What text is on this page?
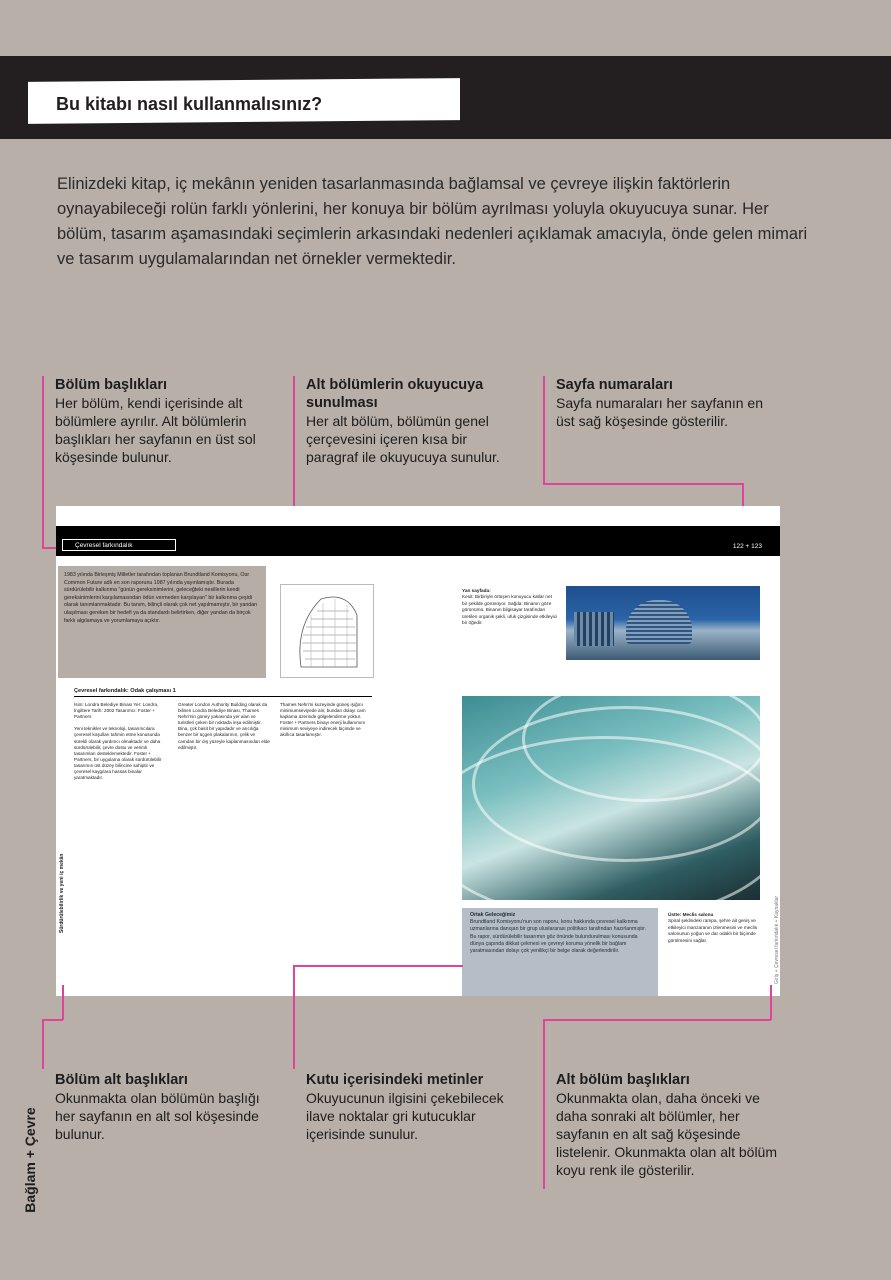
Bu kitabı nasıl kullanmalısınız?
Elinizdeki kitap, iç mekânın yeniden tasarlanmasında bağlamsal ve çevreye ilişkin faktörlerin oynayabileceği rolün farklı yönlerini, her konuya bir bölüm ayrılması yoluyla okuyucuya sunar. Her bölüm, tasarım aşamasındaki seçimlerin arkasındaki nedenleri açıklamak amacıyla, önde gelen mimari ve tasarım uygulamalarından net örnekler vermektedir.
Bölüm başlıkları
Her bölüm, kendi içerisinde alt bölümlere ayrılır. Alt bölümlerin başlıkları her sayfanın en üst sol köşesinde bulunur.
Alt bölümlerin okuyucuya sunulması
Her alt bölüm, bölümün genel çerçevesini içeren kısa bir paragraf ile okuyucuya sunulur.
Sayfa numaraları
Sayfa numaraları her sayfanın en üst sağ köşesinde gösterilir.
Çevresel farkındalık	122 + 123
1983 yılında Birleşmiş Milletler tarafından toplanan Brundtland Komisyonu, Our Common Future adlı en son raporunu 1987 yılında yayınlamıştır. Burada sürdürülebilir kalkınma "günün gereksinimlerini, geleceğteki nesillerin kendi gereksinimlerini karşılamasından ödün vermeden karşılayan" bir kalkınma çeşidi olarak tanımlanmaktadır. Bu tanım, bilinçli olarak çok net yapılmamıştır, bir yandan ulaşılması gereken bir hedefi ya da standardı belirtirken, diğer yandan da birçok farklı algılamaya ve yorumlamaya açıktır.
Yan sayfada:
Kesit: Birbiriyle örtüşen konuyucu katlar net bir şekilde görünüyor. Sağda: Binanın göze görünümü. Binanın bilgisayar tarafından üretilen organik şekli, ufuk çizgisinde etkileyici bir öğedir.
Çevresel farkındalık: Odak çalışması 1
İsim: Londra Belediye Binası Yer: Londra, İngiltere Tarih: 2002 Tasarımcı: Foster + Partners

Yeni teknikler ve teknoloji, tasarımcılara çevresel koşulları tahmin etme konusunda sürekli olarak yardımcı olmaktadır ve daha sürdürülebilir, çevre dostu ve verimli tasarımları desteklemektedir. Foster + Partners, bir uygulama olarak sürdürülebilir tasarımın üst düzey bilincine sahiptir ve çevresel kaygılara hassas binalar yaratmaktadır.
Greater London Authority Building olarak da bilinen Londra Belediye Binası, Thames Nehri'nin güney yakasında yer alan ve turistleri çeken bir noktada inşa edilmiştir. Bina, çok basit bir yapıdadır ve arıcılığa benzer bir üçgen plakalarının, çelik ve camdan bir dış yüzeyle kaplanmasından elde edilmiştir.
Thames Nehri'ni kuzeyinde güneş ışığını minimumseviyede alır, bundan dolayı cam kaplama üzerinde gölgelendirme yoktur. Foster + Partners binayı enerji kullanımını minimum seviyeye indirecek biçimde ve akıllıca tasarlamıştır.
Ortak Geleceğimiz
Brundtland Komisyonu'nun son raporu, konu hakkında çevresel kalkınma uzmanlarına danışan bir grup uluslararası politikacı tarafından hazırlanmıştır. Bu rapor, sürdürülebilir tasarımın göz önünde bulundurulması konusunda dünya çapında dikkat çekmesi ve çevreyi koruma yönelik bir bağlam yaratmasından dolayı çok yenilikçi bir belge olarak değerlendirilir.
Üstte: Meclis salonu
Spiral şeklindeki rampa, şehre ait geniş ve etkileyici manzaranın izlenmesini ve meclis salonunun yoğun ve dar odaklı bir biçimde görülmesini sağlar.
Sürdürülebilirlik ve yeni iç mekân
Giriş + Çevresel farkındalık + Kaynaklar
Bölüm alt başlıkları
Okunmakta olan bölümün başlığı her sayfanın en alt sol köşesinde bulunur.
Kutu içerisindeki metinler
Okuyucunun ilgisini çekebilecek ilave noktalar gri kutucuklar içerisinde sunulur.
Alt bölüm başlıkları
Okunmakta olan, daha önceki ve daha sonraki alt bölümler, her sayfanın en alt sağ köşesinde listelenir. Okunmakta olan alt bölüm koyu renk ile gösterilir.
Bağlam + Çevre
